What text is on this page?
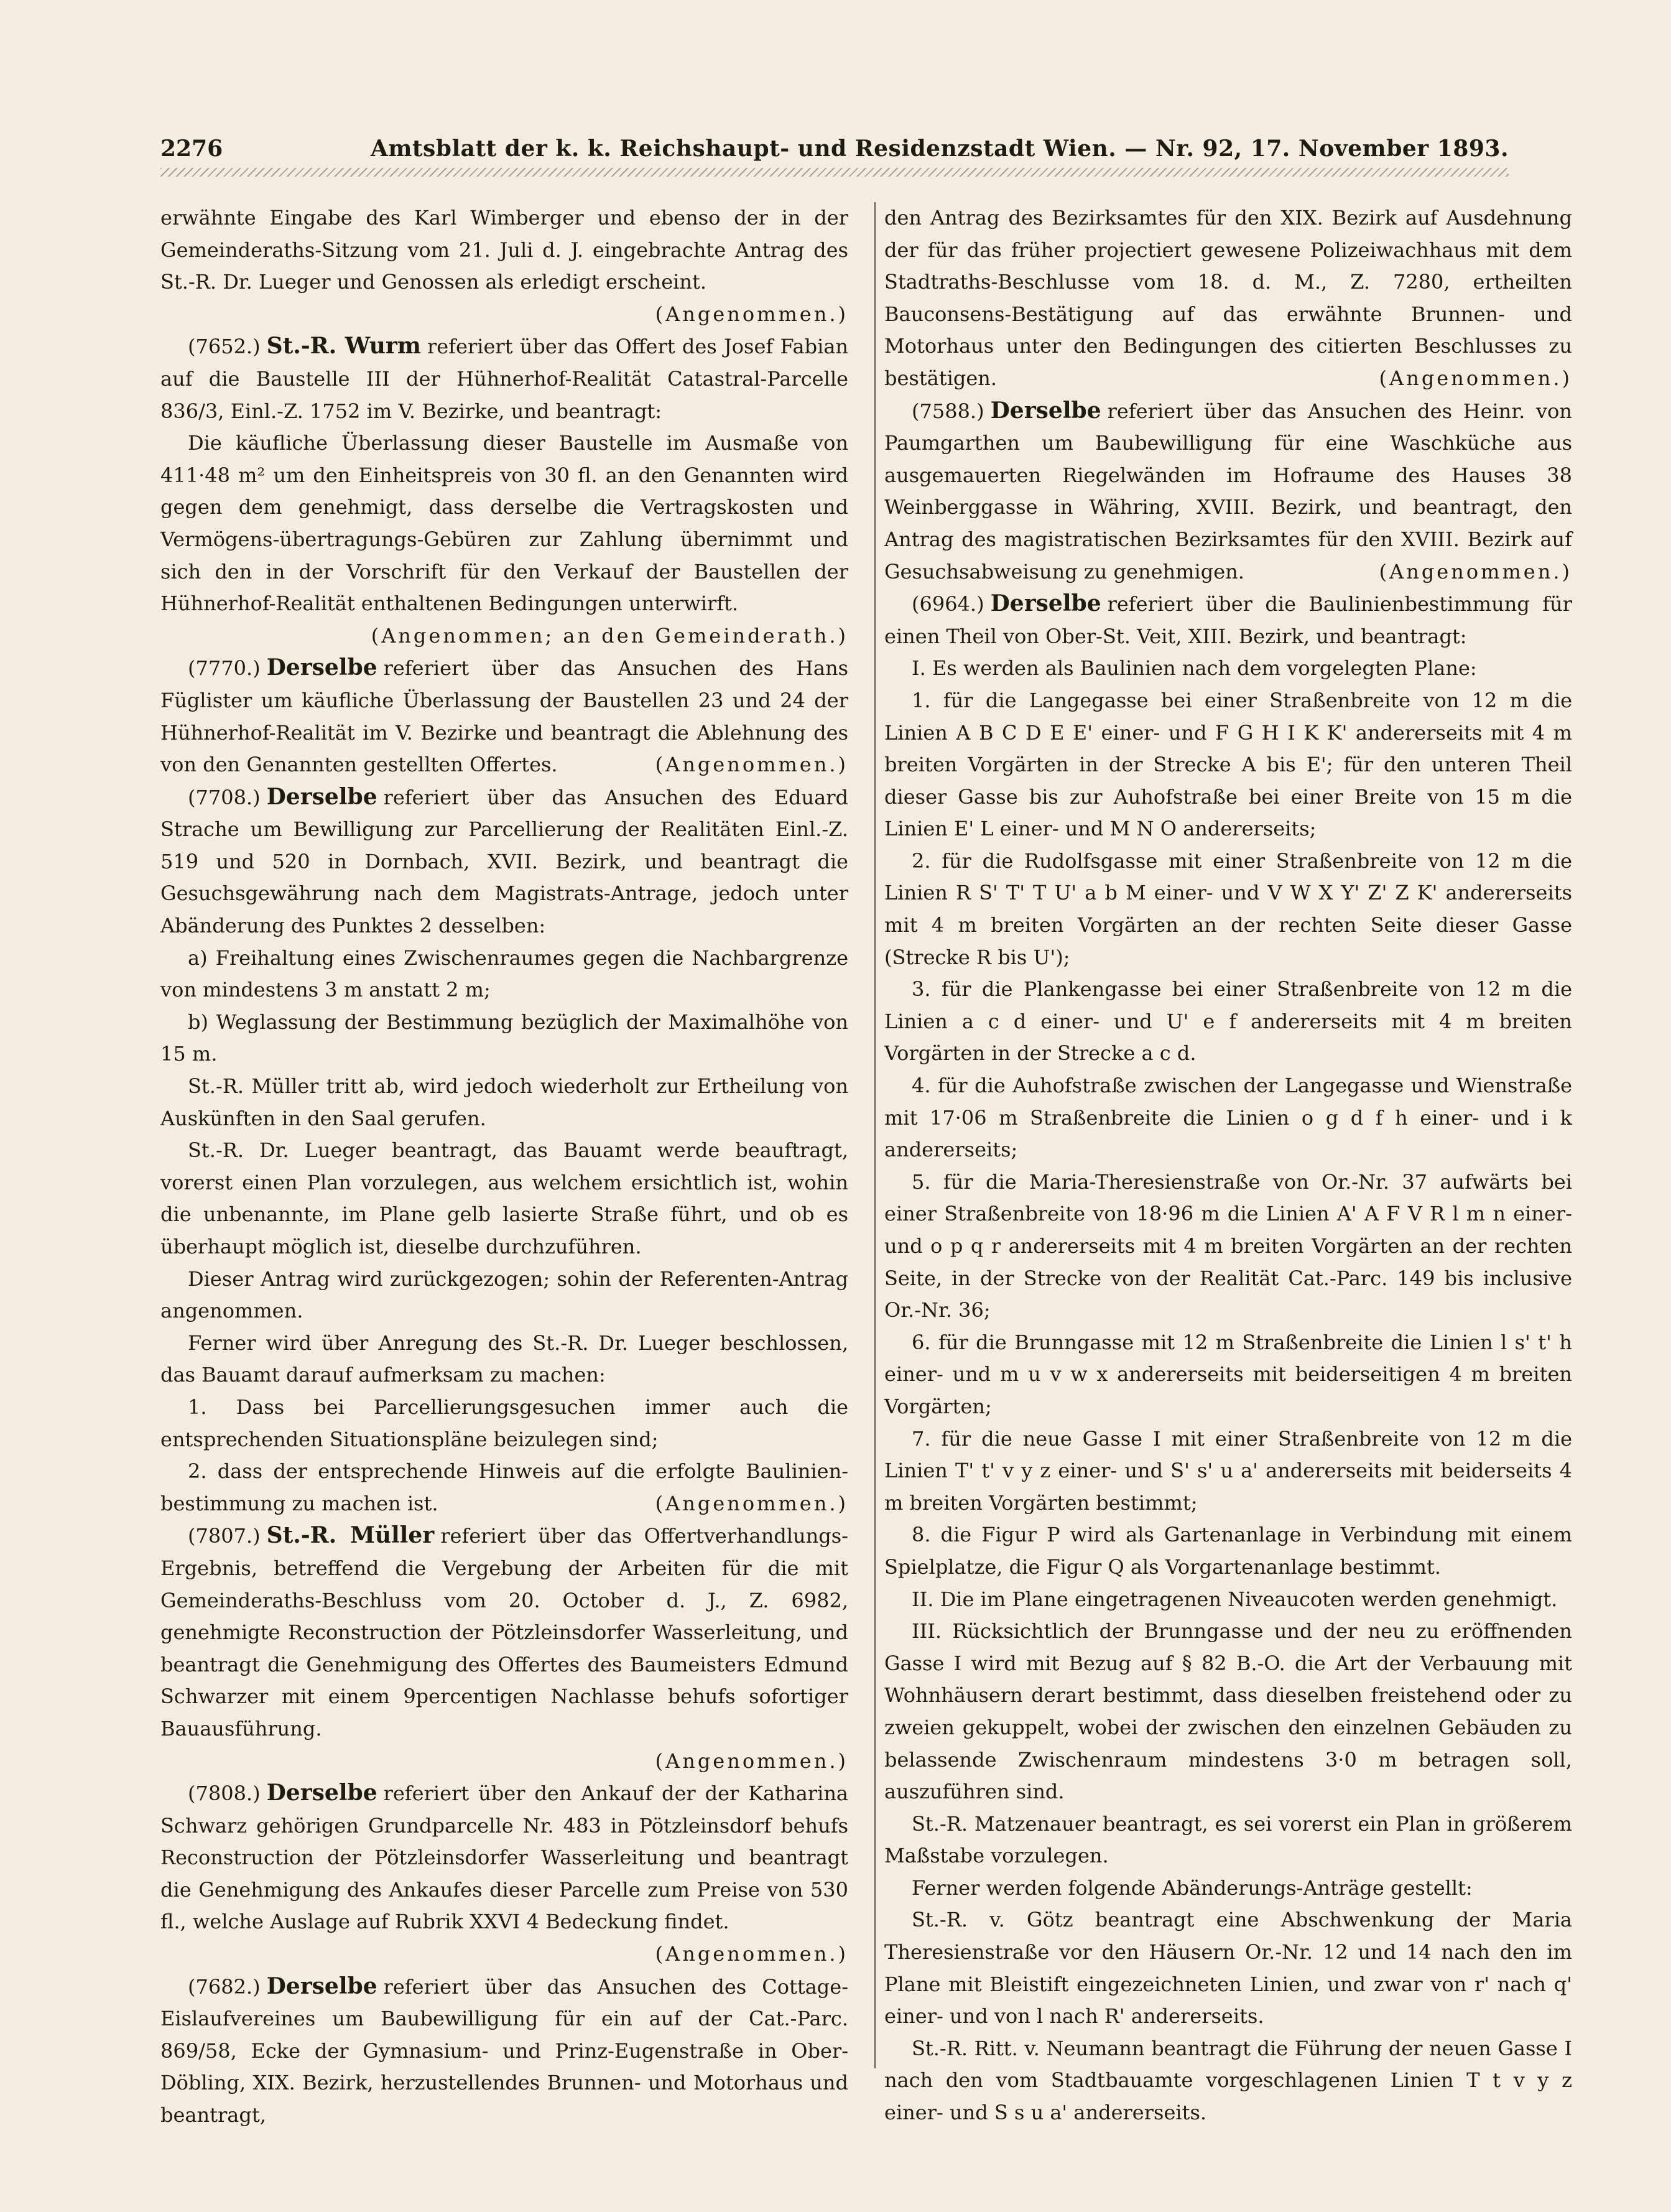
2276	Amtsblatt der k. k. Reichshaupt- und Residenzstadt Wien. — Nr. 92, 17. November 1893.

erwähnte Eingabe des Karl Wimberger und ebenso der in der Gemeinderaths-Sitzung vom 21. Juli d. J. eingebrachte Antrag des St.-R. Dr. Lueger und Genossen als erledigt erscheint.

(Angenommen.)

(7652.) St.-R. Wurm referiert über das Offert des Josef Fabian auf die Baustelle III der Hühnerhof-Realität Catastral-Parcelle 836/3, Einl.-Z. 1752 im V. Bezirke, und beantragt:

Die käufliche Überlassung dieser Baustelle im Ausmaße von 411·48 m² um den Einheitspreis von 30 fl. an den Genannten wird gegen dem genehmigt, dass derselbe die Vertragskosten und Vermögens-übertragungs-Gebüren zur Zahlung übernimmt und sich den in der Vorschrift für den Verkauf der Baustellen der Hühnerhof-Realität enthaltenen Bedingungen unterwirft.

(Angenommen; an den Gemeinderath.)

(7770.) Derselbe referiert über das Ansuchen des Hans Füglister um käufliche Überlassung der Baustellen 23 und 24 der Hühnerhof-Realität im V. Bezirke und beantragt die Ablehnung des von den Genannten gestellten Offertes.	(Angenommen.)

(7708.) Derselbe referiert über das Ansuchen des Eduard Strache um Bewilligung zur Parcellierung der Realitäten Einl.-Z. 519 und 520 in Dornbach, XVII. Bezirk, und beantragt die Gesuchsgewährung nach dem Magistrats-Antrage, jedoch unter Abänderung des Punktes 2 desselben:

a) Freihaltung eines Zwischenraumes gegen die Nachbargrenze von mindestens 3 m anstatt 2 m;

b) Weglassung der Bestimmung bezüglich der Maximalhöhe von 15 m.

St.-R. Müller tritt ab, wird jedoch wiederholt zur Ertheilung von Auskünften in den Saal gerufen.

St.-R. Dr. Lueger beantragt, das Bauamt werde beauftragt, vorerst einen Plan vorzulegen, aus welchem ersichtlich ist, wohin die unbenannte, im Plane gelb lasierte Straße führt, und ob es überhaupt möglich ist, dieselbe durchzuführen.

Dieser Antrag wird zurückgezogen; sohin der Referenten-Antrag angenommen.

Ferner wird über Anregung des St.-R. Dr. Lueger beschlossen, das Bauamt darauf aufmerksam zu machen:

1. Dass bei Parcellierungsgesuchen immer auch die entsprechenden Situationspläne beizulegen sind;

2. dass der entsprechende Hinweis auf die erfolgte Baulinien-bestimmung zu machen ist.	(Angenommen.)

(7807.) St.-R. Müller referiert über das Offertverhandlungs-Ergebnis, betreffend die Vergebung der Arbeiten für die mit Gemeinderaths-Beschluss vom 20. October d. J., Z. 6982, genehmigte Reconstruction der Pötzleinsdorfer Wasserleitung, und beantragt die Genehmigung des Offertes des Baumeisters Edmund Schwarzer mit einem 9percentigen Nachlasse behufs sofortiger Bauausführung.

(Angenommen.)

(7808.) Derselbe referiert über den Ankauf der der Katharina Schwarz gehörigen Grundparcelle Nr. 483 in Pötzleinsdorf behufs Reconstruction der Pötzleinsdorfer Wasserleitung und beantragt die Genehmigung des Ankaufes dieser Parcelle zum Preise von 530 fl., welche Auslage auf Rubrik XXVI 4 Bedeckung findet.

(Angenommen.)

(7682.) Derselbe referiert über das Ansuchen des Cottage-Eislaufvereines um Baubewilligung für ein auf der Cat.-Parc. 869/58, Ecke der Gymnasium- und Prinz-Eugenstraße in Ober-Döbling, XIX. Bezirk, herzustellendes Brunnen- und Motorhaus und beantragt,

den Antrag des Bezirksamtes für den XIX. Bezirk auf Ausdehnung der für das früher projectiert gewesene Polizeiwachhaus mit dem Stadtraths-Beschlusse vom 18. d. M., Z. 7280, ertheilten Bauconsens-Bestätigung auf das erwähnte Brunnen- und Motorhaus unter den Bedingungen des citierten Beschlusses zu bestätigen.	(Angenommen.)

(7588.) Derselbe referiert über das Ansuchen des Heinr. von Paumgarthen um Baubewilligung für eine Waschküche aus ausgemauerten Riegelwänden im Hofraume des Hauses 38 Weinberggasse in Währing, XVIII. Bezirk, und beantragt, den Antrag des magistratischen Bezirksamtes für den XVIII. Bezirk auf Gesuchsabweisung zu genehmigen.	(Angenommen.)

(6964.) Derselbe referiert über die Baulinienbestimmung für einen Theil von Ober-St. Veit, XIII. Bezirk, und beantragt:

I. Es werden als Baulinien nach dem vorgelegten Plane:

1. für die Langegasse bei einer Straßenbreite von 12 m die Linien A B C D E E' einer- und F G H I K K' andererseits mit 4 m breiten Vorgärten in der Strecke A bis E'; für den unteren Theil dieser Gasse bis zur Auhofstraße bei einer Breite von 15 m die Linien E' L einer- und M N O andererseits;

2. für die Rudolfsgasse mit einer Straßenbreite von 12 m die Linien R S' T' T U' a b M einer- und V W X Y' Z' Z K' andererseits mit 4 m breiten Vorgärten an der rechten Seite dieser Gasse (Strecke R bis U');

3. für die Plankengasse bei einer Straßenbreite von 12 m die Linien a c d einer- und U' e f andererseits mit 4 m breiten Vorgärten in der Strecke a c d.

4. für die Auhofstraße zwischen der Langegasse und Wienstraße mit 17·06 m Straßenbreite die Linien o g d f h einer- und i k andererseits;

5. für die Maria-Theresienstraße von Or.-Nr. 37 aufwärts bei einer Straßenbreite von 18·96 m die Linien A' A F V R l m n einer- und o p q r andererseits mit 4 m breiten Vorgärten an der rechten Seite, in der Strecke von der Realität Cat.-Parc. 149 bis inclusive Or.-Nr. 36;

6. für die Brunngasse mit 12 m Straßenbreite die Linien l s' t' h einer- und m u v w x andererseits mit beiderseitigen 4 m breiten Vorgärten;

7. für die neue Gasse I mit einer Straßenbreite von 12 m die Linien T' t' v y z einer- und S' s' u a' andererseits mit beiderseits 4 m breiten Vorgärten bestimmt;

8. die Figur P wird als Gartenanlage in Verbindung mit einem Spielplatze, die Figur Q als Vorgartenanlage bestimmt.

II. Die im Plane eingetragenen Niveaucoten werden genehmigt.

III. Rücksichtlich der Brunngasse und der neu zu eröffnenden Gasse I wird mit Bezug auf § 82 B.-O. die Art der Verbauung mit Wohnhäusern derart bestimmt, dass dieselben freistehend oder zu zweien gekuppelt, wobei der zwischen den einzelnen Gebäuden zu belassende Zwischenraum mindestens 3·0 m betragen soll, auszuführen sind.

St.-R. Matzenauer beantragt, es sei vorerst ein Plan in größerem Maßstabe vorzulegen.

Ferner werden folgende Abänderungs-Anträge gestellt:

St.-R. v. Götz beantragt eine Abschwenkung der Maria Theresienstraße vor den Häusern Or.-Nr. 12 und 14 nach den im Plane mit Bleistift eingezeichneten Linien, und zwar von r' nach q' einer- und von l nach R' andererseits.

St.-R. Ritt. v. Neumann beantragt die Führung der neuen Gasse I nach den vom Stadtbauamte vorgeschlagenen Linien T t v y z einer- und S s u a' andererseits.
